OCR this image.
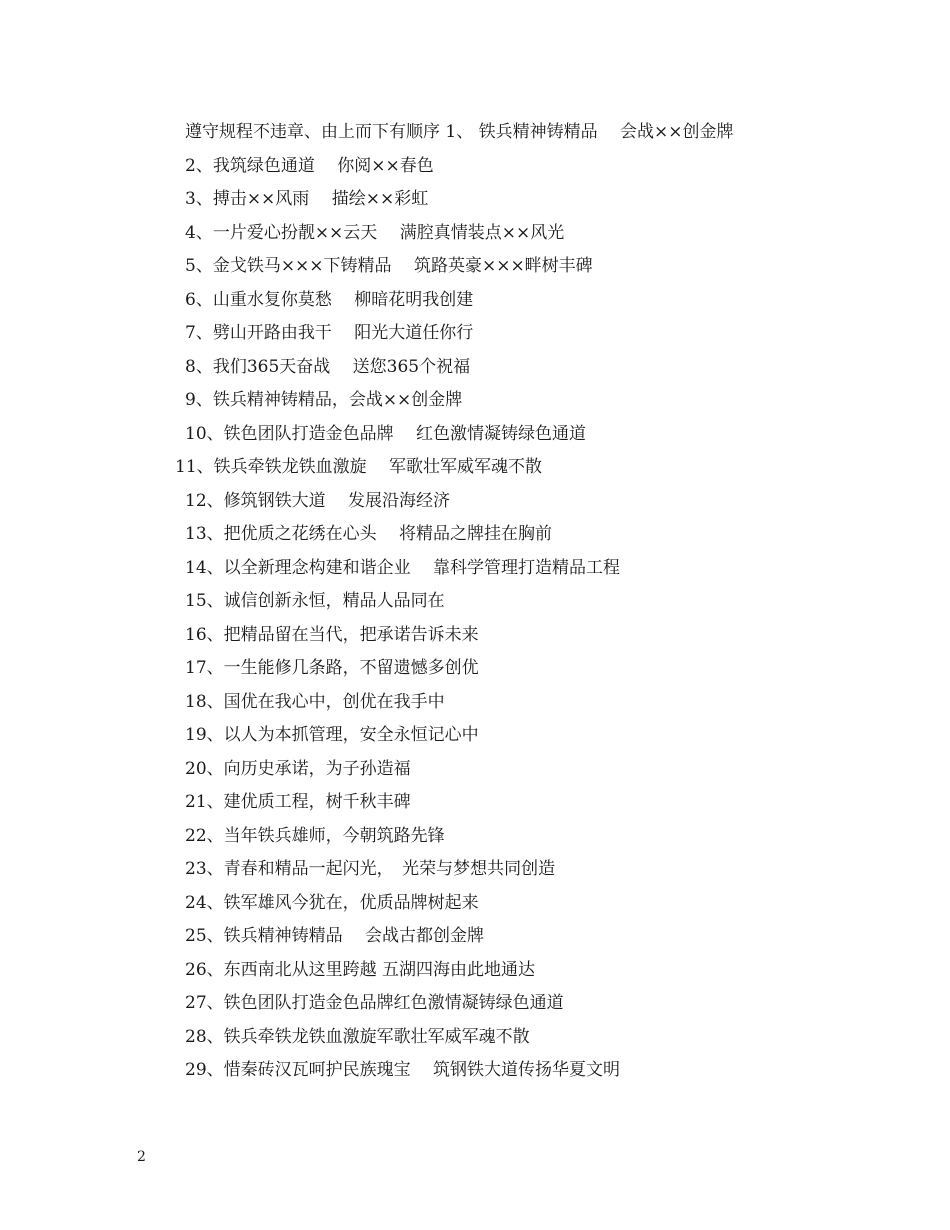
遵守规程不违章、由上而下有顺序 1、 铁兵精神铸精品　 会战××创金牌
2、我筑绿色通道　 你阅××春色
3、搏击××风雨　 描绘××彩虹
4、一片爱心扮靓××云天　 满腔真情装点××风光
5、金戈铁马×××下铸精品　 筑路英豪×××畔树丰碑
6、山重水复你莫愁　 柳暗花明我创建
7、劈山开路由我干　 阳光大道任你行
8、我们365天奋战　 送您365个祝福
9、铁兵精神铸精品，会战××创金牌
10、铁色团队打造金色品牌　 红色激情凝铸绿色通道
11、铁兵牵铁龙铁血激旋　 军歌壮军威军魂不散
12、修筑钢铁大道　 发展沿海经济
13、把优质之花绣在心头　 将精品之牌挂在胸前
14、以全新理念构建和谐企业　 靠科学管理打造精品工程
15、诚信创新永恒，精品人品同在
16、把精品留在当代，把承诺告诉未来
17、一生能修几条路，不留遗憾多创优
18、国优在我心中，创优在我手中
19、以人为本抓管理，安全永恒记心中
20、向历史承诺，为子孙造福
21、建优质工程，树千秋丰碑
22、当年铁兵雄师，今朝筑路先锋
23、青春和精品一起闪光，　光荣与梦想共同创造
24、铁军雄风今犹在，优质品牌树起来
25、铁兵精神铸精品　 会战古都创金牌
26、东西南北从这里跨越 五湖四海由此地通达
27、铁色团队打造金色品牌红色激情凝铸绿色通道
28、铁兵牵铁龙铁血激旋军歌壮军威军魂不散
29、惜秦砖汉瓦呵护民族瑰宝　 筑钢铁大道传扬华夏文明
2
